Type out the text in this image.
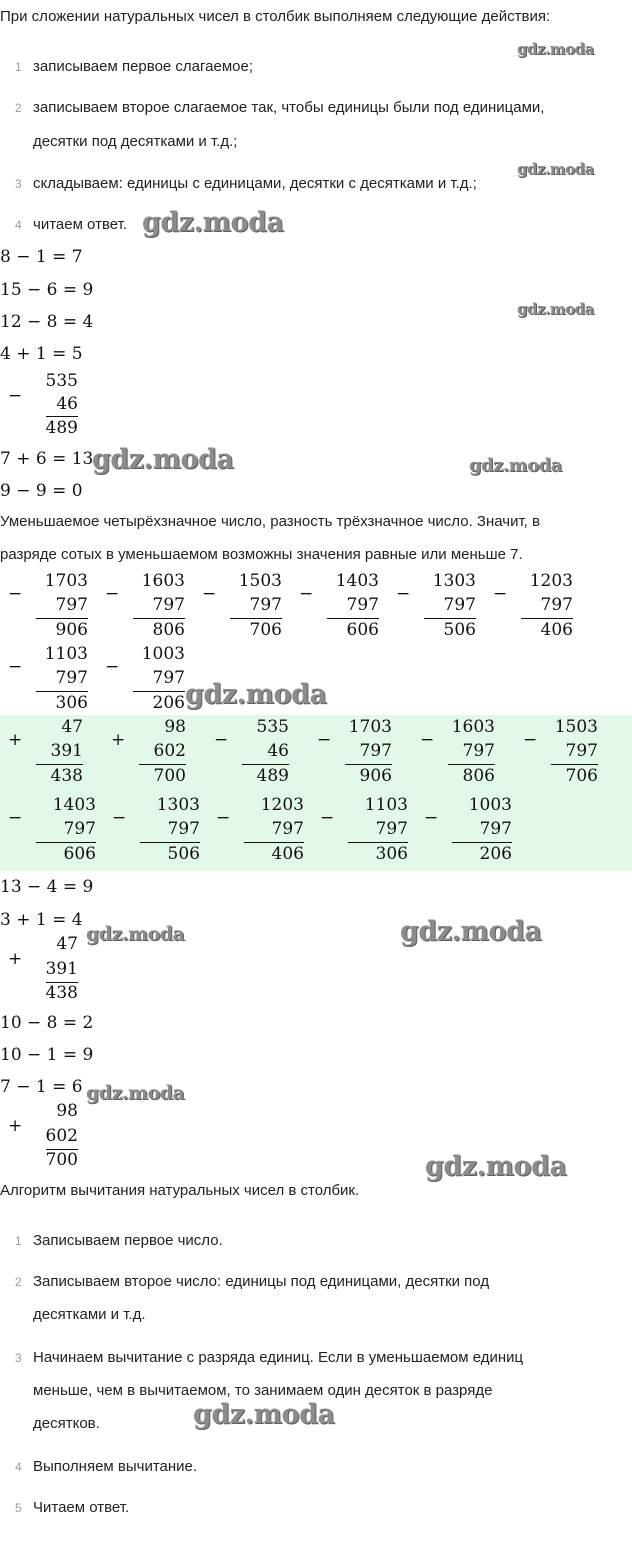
При сложении натуральных чисел в столбик выполняем следующие действия:
1 записываем первое слагаемое;
2 записываем второе слагаемое так, чтобы единицы были под единицами,
десятки под десятками и т.д.;
3 складываем: единицы с единицами, десятки с десятками и т.д.;
4 читаем ответ.
8 − 1 = 7
15 − 6 = 9
12 − 8 = 4
4 + 1 = 5
−
535
46
489
7 + 6 = 13
9 − 9 = 0
Уменьшаемое четырёхзначное число, разность трёхзначное число. Значит, в
разряде сотых в уменьшаемом возможны значения равные или меньше 7.
−
1703
797
906
−
1603
797
806
−
1503
797
706
−
1403
797
606
−
1303
797
506
−
1203
797
406
−
1103
797
306
−
1003
797
206
+
47
391
438
+
98
602
700
−
535
46
489
−
1703
797
906
−
1603
797
806
−
1503
797
706
−
1403
797
606
−
1303
797
506
−
1203
797
406
−
1103
797
306
−
1003
797
206
13 − 4 = 9
3 + 1 = 4
+
47
391
438
10 − 8 = 2
10 − 1 = 9
7 − 1 = 6
+
98
602
700
Алгоритм вычитания натуральных чисел в столбик.
1 Записываем первое число.
2 Записываем второе число: единицы под единицами, десятки под
десятками и т.д.
3 Начинаем вычитание с разряда единиц. Если в уменьшаемом единиц
меньше, чем в вычитаемом, то занимаем один десяток в разряде
десятков.
4 Выполняем вычитание.
5 Читаем ответ.
gdz.moda
gdz.moda
gdz.moda
gdz.moda
gdz.moda	gdz.moda
gdz.moda
gdz.moda	gdz.moda
gdz.moda
gdz.moda
gdz.moda
